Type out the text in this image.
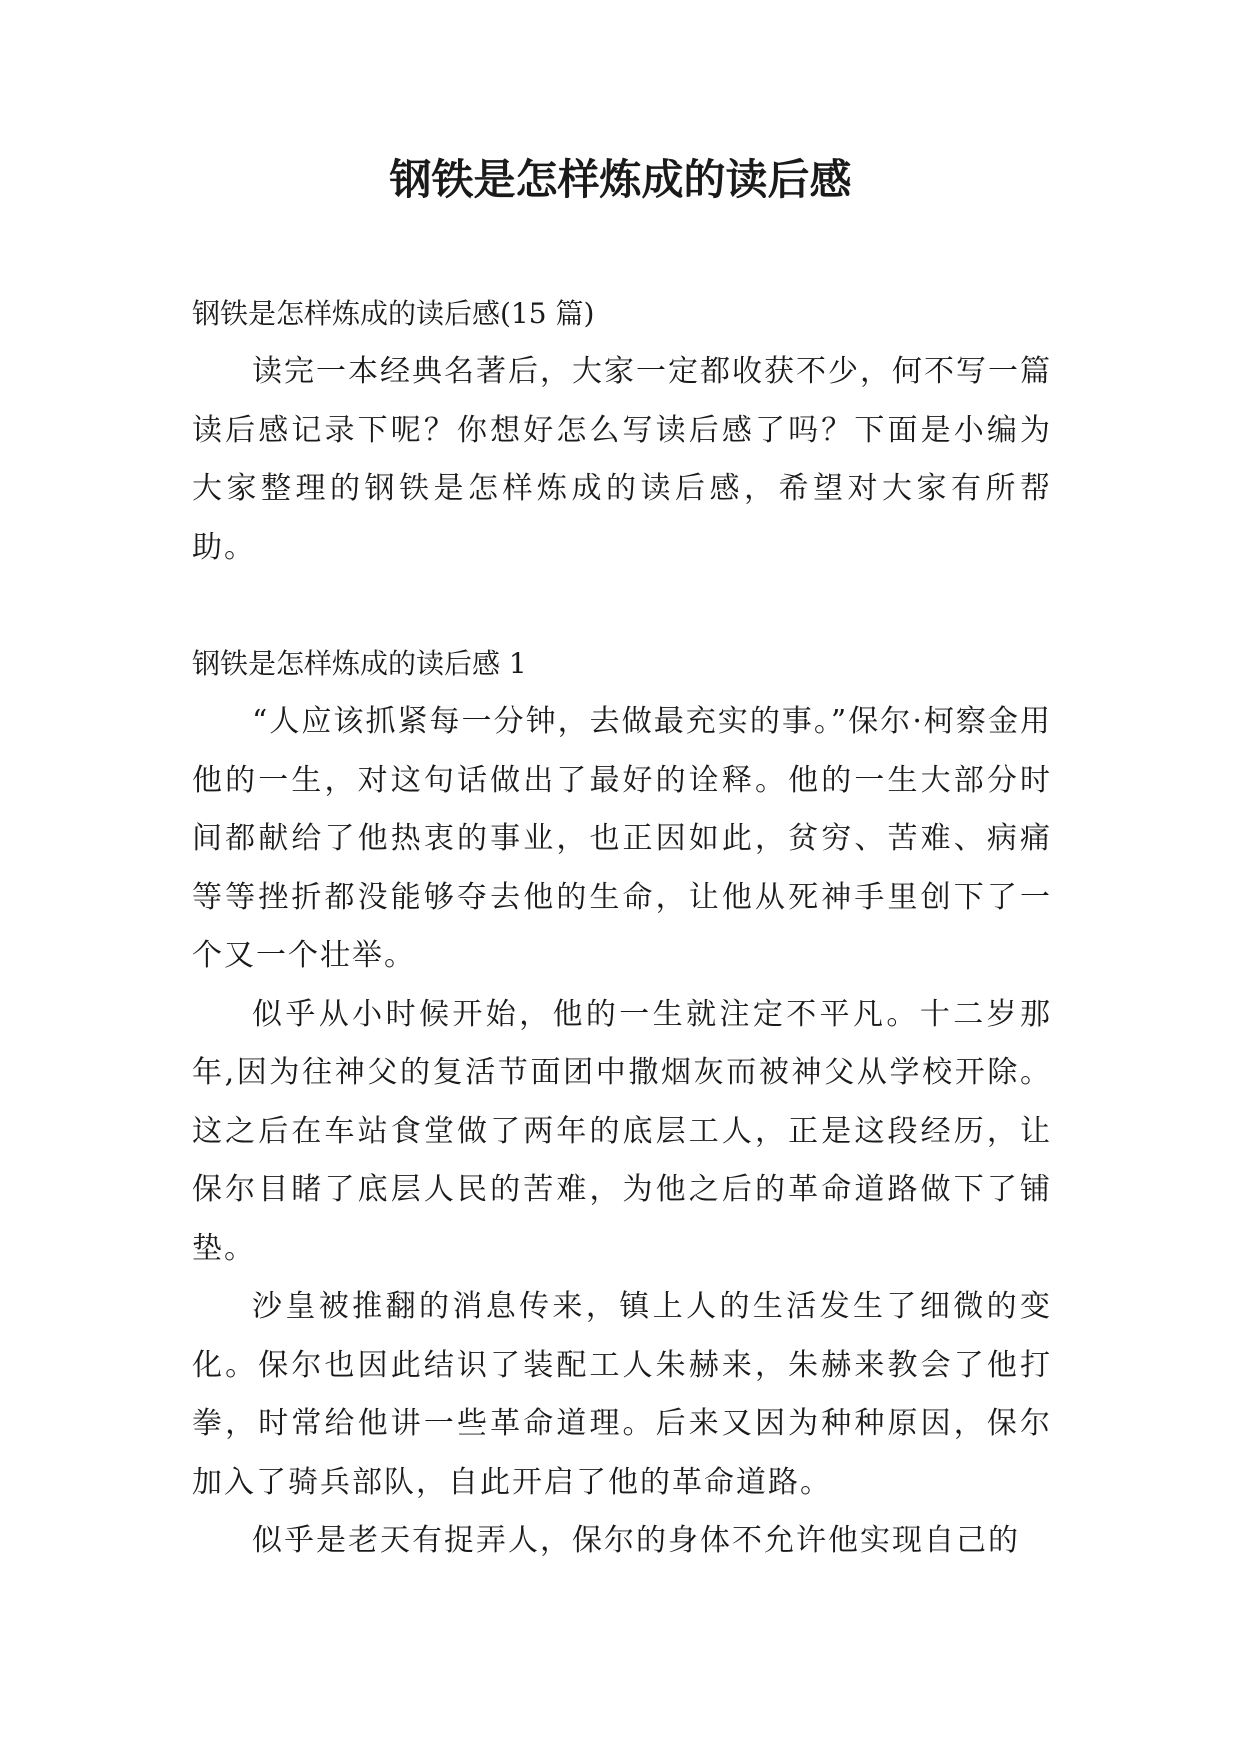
钢铁是怎样炼成的读后感

钢铁是怎样炼成的读后感(15 篇)

读完一本经典名著后，大家一定都收获不少，何不写一篇读后感记录下呢？你想好怎么写读后感了吗？下面是小编为大家整理的钢铁是怎样炼成的读后感，希望对大家有所帮助。

钢铁是怎样炼成的读后感 1

“人应该抓紧每一分钟，去做最充实的事。”保尔·柯察金用他的一生，对这句话做出了最好的诠释。他的一生大部分时间都献给了他热衷的事业，也正因如此，贫穷、苦难、病痛等等挫折都没能够夺去他的生命，让他从死神手里创下了一个又一个壮举。

似乎从小时候开始，他的一生就注定不平凡。十二岁那年,因为往神父的复活节面团中撒烟灰而被神父从学校开除。这之后在车站食堂做了两年的底层工人，正是这段经历，让保尔目睹了底层人民的苦难，为他之后的革命道路做下了铺垫。

沙皇被推翻的消息传来，镇上人的生活发生了细微的变化。保尔也因此结识了装配工人朱赫来，朱赫来教会了他打拳，时常给他讲一些革命道理。后来又因为种种原因，保尔加入了骑兵部队，自此开启了他的革命道路。

似乎是老天有捉弄人，保尔的身体不允许他实现自己的
